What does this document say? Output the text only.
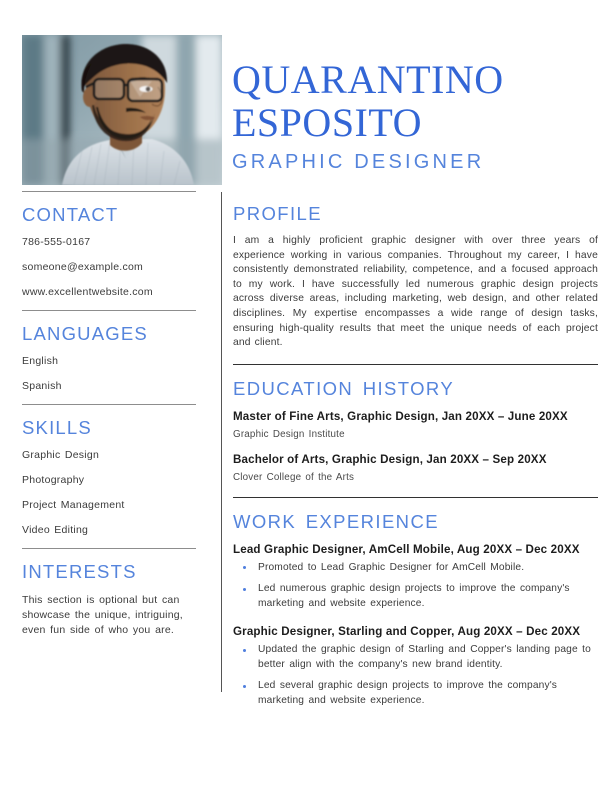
QUARANTINO
ESPOSITO
GRAPHIC DESIGNER
CONTACT
786-555-0167
someone@example.com
www.excellentwebsite.com
LANGUAGES
English
Spanish
SKILLS
Graphic Design
Photography
Project Management
Video Editing
INTERESTS
This section is optional but can showcase the unique, intriguing, even fun side of who you are.
PROFILE

I am a highly proficient graphic designer with over three years of experience working in various companies. Throughout my career, I have consistently demonstrated reliability, competence, and a focused approach to my work. I have successfully led numerous graphic design projects across diverse areas, including marketing, web design, and other related disciplines. My expertise encompasses a wide range of design tasks, ensuring high-quality results that meet the unique needs of each project and client.

EDUCATION HISTORY

Master of Fine Arts, Graphic Design, Jan 20XX – June 20XX

Graphic Design Institute

Bachelor of Arts, Graphic Design, Jan 20XX – Sep 20XX

Clover College of the Arts

WORK EXPERIENCE

Lead Graphic Designer, AmCell Mobile, Aug 20XX – Dec 20XX

Promoted to Lead Graphic Designer for AmCell Mobile.
Led numerous graphic design projects to improve the company's marketing and website experience.

Graphic Designer, Starling and Copper, Aug 20XX – Dec 20XX

Updated the graphic design of Starling and Copper's landing page to better align with the company's new brand identity.
Led several graphic design projects to improve the company's marketing and website experience.
